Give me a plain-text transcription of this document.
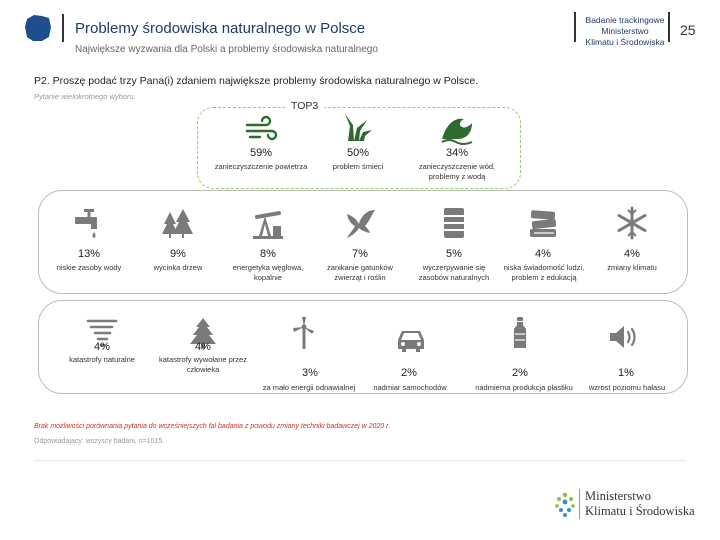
Problemy środowiska naturalnego w Polsce
Największe wyzwania dla Polski a problemy środowiska naturalnego
Badanie trackingowe
Ministerstwo
Klimatu i Środowiska
25
P2. Proszę podać trzy Pana(i) zdaniem największe problemy środowiska naturalnego w Polsce.
Pytanie wielokrotnego wyboru.
TOP3
59%
zanieczyszczenie powietrza
50%
problem śmieci
34%
zanieczyszczenie wód, problemy z wodą
13%
niskie zasoby wody
9%
wycinka drzew
8%
energetyka węglowa, kopalnie
7%
zanikanie gatunków zwierząt i roślin
5%
wyczerpywanie się zasobów naturalnych
4%
niska świadomość ludzi, problem z edukacją
4%
zmiany klimatu
4%
katastrofy naturalne
4%
katastrofy wywołane przez człowieka	3%
za mało energii odnawialnej
2%
nadmiar samochodów
2%
nadmierna produkcja plastiku
1%
wzrost poziomu hałasu
Brak możliwości porównania pytania do wcześniejszych fal badania z powodu zmiany techniki badawczej w 2020 r.
Odpowiadający: wszyscy badani, n=1015.
Ministerstwo
Klimatu i Środowiska
